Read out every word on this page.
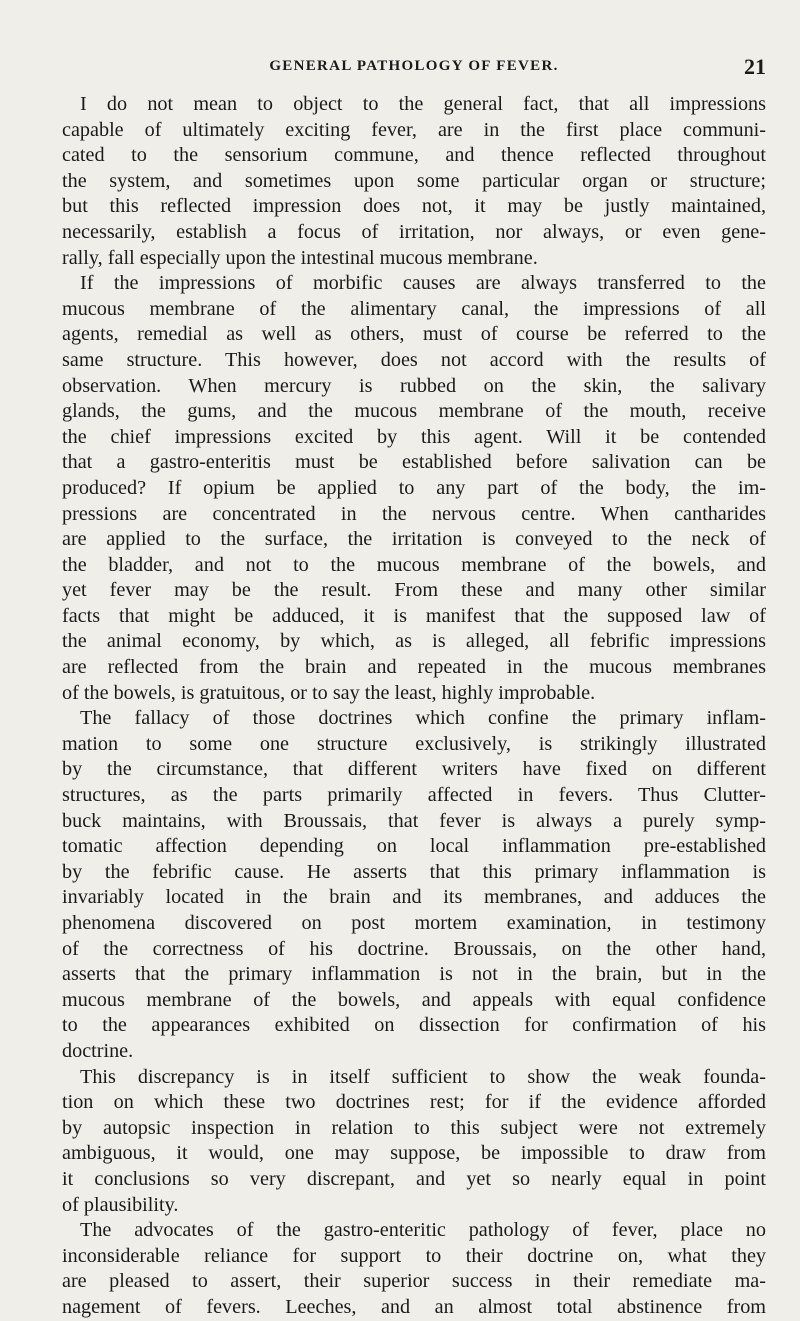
GENERAL PATHOLOGY OF FEVER.	21
I do not mean to object to the general fact, that all impressions
capable of ultimately exciting fever, are in the first place communi-
cated to the sensorium commune, and thence reflected throughout
the system, and sometimes upon some particular organ or structure;
but this reflected impression does not, it may be justly maintained,
necessarily, establish a focus of irritation, nor always, or even gene-
rally, fall especially upon the intestinal mucous membrane.
If the impressions of morbific causes are always transferred to the
mucous membrane of the alimentary canal, the impressions of all
agents, remedial as well as others, must of course be referred to the
same structure. This however, does not accord with the results of
observation. When mercury is rubbed on the skin, the salivary
glands, the gums, and the mucous membrane of the mouth, receive
the chief impressions excited by this agent. Will it be contended
that a gastro-enteritis must be established before salivation can be
produced? If opium be applied to any part of the body, the im-
pressions are concentrated in the nervous centre. When cantharides
are applied to the surface, the irritation is conveyed to the neck of
the bladder, and not to the mucous membrane of the bowels, and
yet fever may be the result. From these and many other similar
facts that might be adduced, it is manifest that the supposed law of
the animal economy, by which, as is alleged, all febrific impressions
are reflected from the brain and repeated in the mucous membranes
of the bowels, is gratuitous, or to say the least, highly improbable.
The fallacy of those doctrines which confine the primary inflam-
mation to some one structure exclusively, is strikingly illustrated
by the circumstance, that different writers have fixed on different
structures, as the parts primarily affected in fevers. Thus Clutter-
buck maintains, with Broussais, that fever is always a purely symp-
tomatic affection depending on local inflammation pre-established
by the febrific cause. He asserts that this primary inflammation is
invariably located in the brain and its membranes, and adduces the
phenomena discovered on post mortem examination, in testimony
of the correctness of his doctrine. Broussais, on the other hand,
asserts that the primary inflammation is not in the brain, but in the
mucous membrane of the bowels, and appeals with equal confidence
to the appearances exhibited on dissection for confirmation of his
doctrine.
This discrepancy is in itself sufficient to show the weak founda-
tion on which these two doctrines rest; for if the evidence afforded
by autopsic inspection in relation to this subject were not extremely
ambiguous, it would, one may suppose, be impossible to draw from
it conclusions so very discrepant, and yet so nearly equal in point
of plausibility.
The advocates of the gastro-enteritic pathology of fever, place no
inconsiderable reliance for support to their doctrine on, what they
are pleased to assert, their superior success in their remediate ma-
nagement of fevers. Leeches, and an almost total abstinence from
